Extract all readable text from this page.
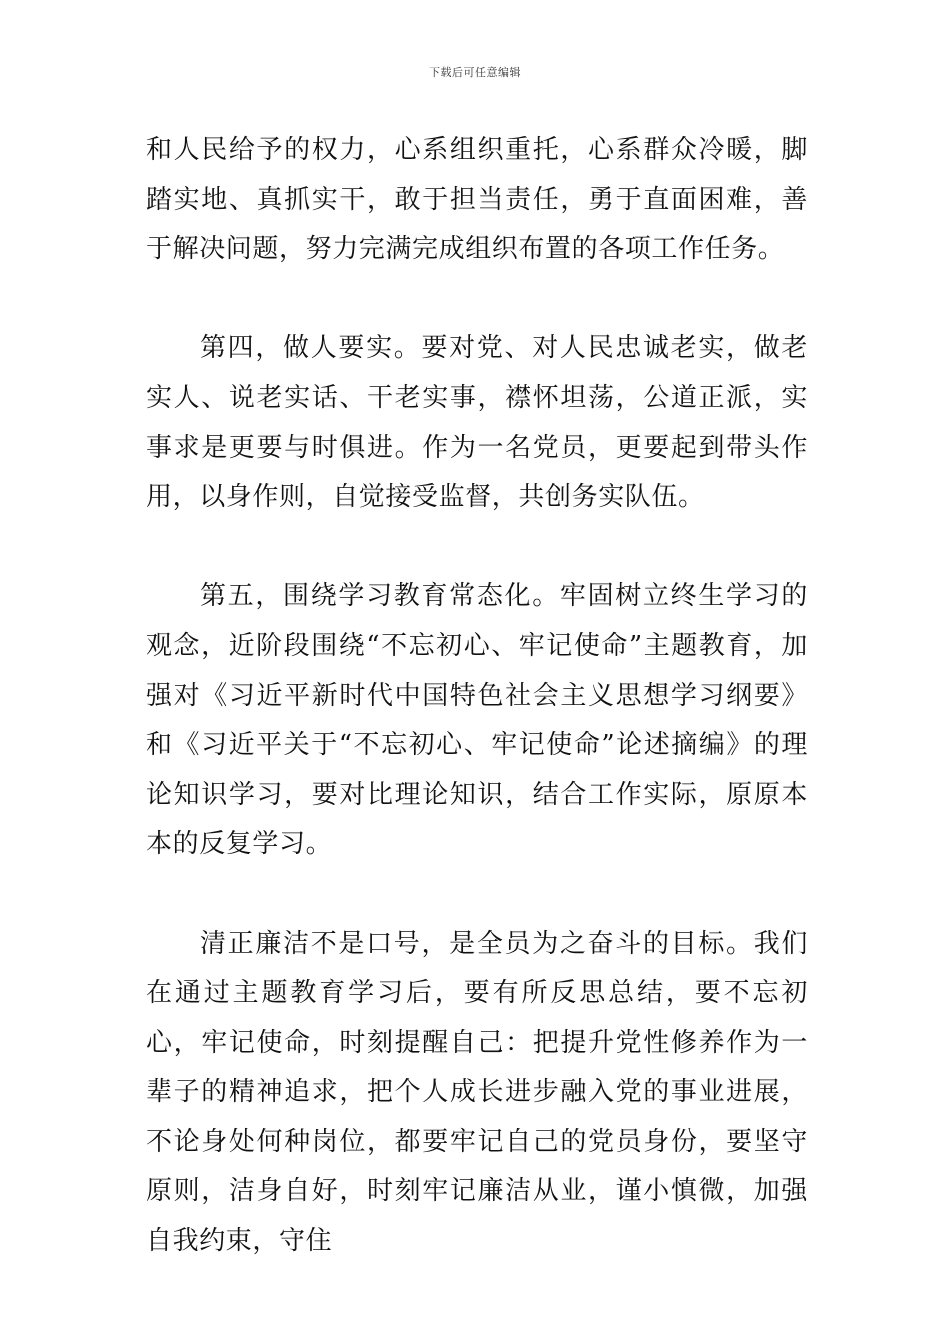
下载后可任意编辑

和人民给予的权力，心系组织重托，心系群众冷暖，脚踏实地、真抓实干，敢于担当责任，勇于直面困难，善于解决问题，努力完满完成组织布置的各项工作任务。

第四，做人要实。要对党、对人民忠诚老实，做老实人、说老实话、干老实事，襟怀坦荡，公道正派，实事求是更要与时俱进。作为一名党员，更要起到带头作用，以身作则，自觉接受监督，共创务实队伍。

第五，围绕学习教育常态化。牢固树立终生学习的观念，近阶段围绕“不忘初心、牢记使命”主题教育，加强对《习近平新时代中国特色社会主义思想学习纲要》和《习近平关于“不忘初心、牢记使命”论述摘编》的理论知识学习，要对比理论知识，结合工作实际，原原本本的反复学习。

清正廉洁不是口号，是全员为之奋斗的目标。我们在通过主题教育学习后，要有所反思总结，要不忘初心，牢记使命，时刻提醒自己：把提升党性修养作为一辈子的精神追求，把个人成长进步融入党的事业进展，不论身处何种岗位，都要牢记自己的党员身份，要坚守原则，洁身自好，时刻牢记廉洁从业，谨小慎微，加强自我约束，守住
